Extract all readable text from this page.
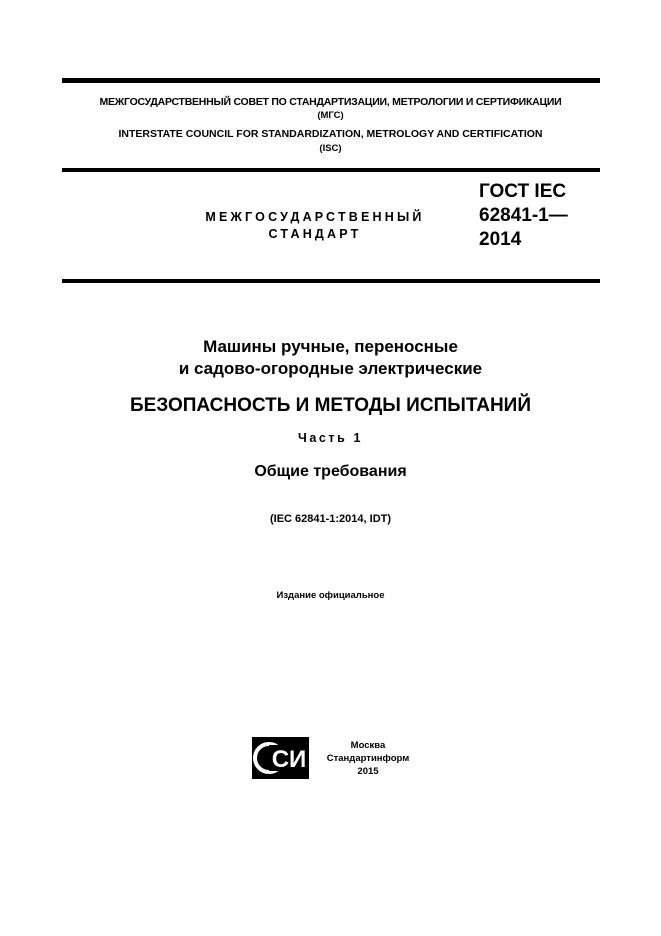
МЕЖГОСУДАРСТВЕННЫЙ СОВЕТ ПО СТАНДАРТИЗАЦИИ, МЕТРОЛОГИИ И СЕРТИФИКАЦИИ
(МГС)
INTERSTATE COUNCIL FOR STANDARDIZATION, METROLOGY AND CERTIFICATION
(ISC)
МЕЖГОСУДАРСТВЕННЫЙ
СТАНДАРТ
ГОСТ IEC
62841-1—
2014
Машины ручные, переносные
и садово-огородные электрические
БЕЗОПАСНОСТЬ И МЕТОДЫ ИСПЫТАНИЙ
Часть 1
Общие требования
(IEC 62841-1:2014, IDT)
Издание официальное
СИ
Москва
Стандартинформ
2015
